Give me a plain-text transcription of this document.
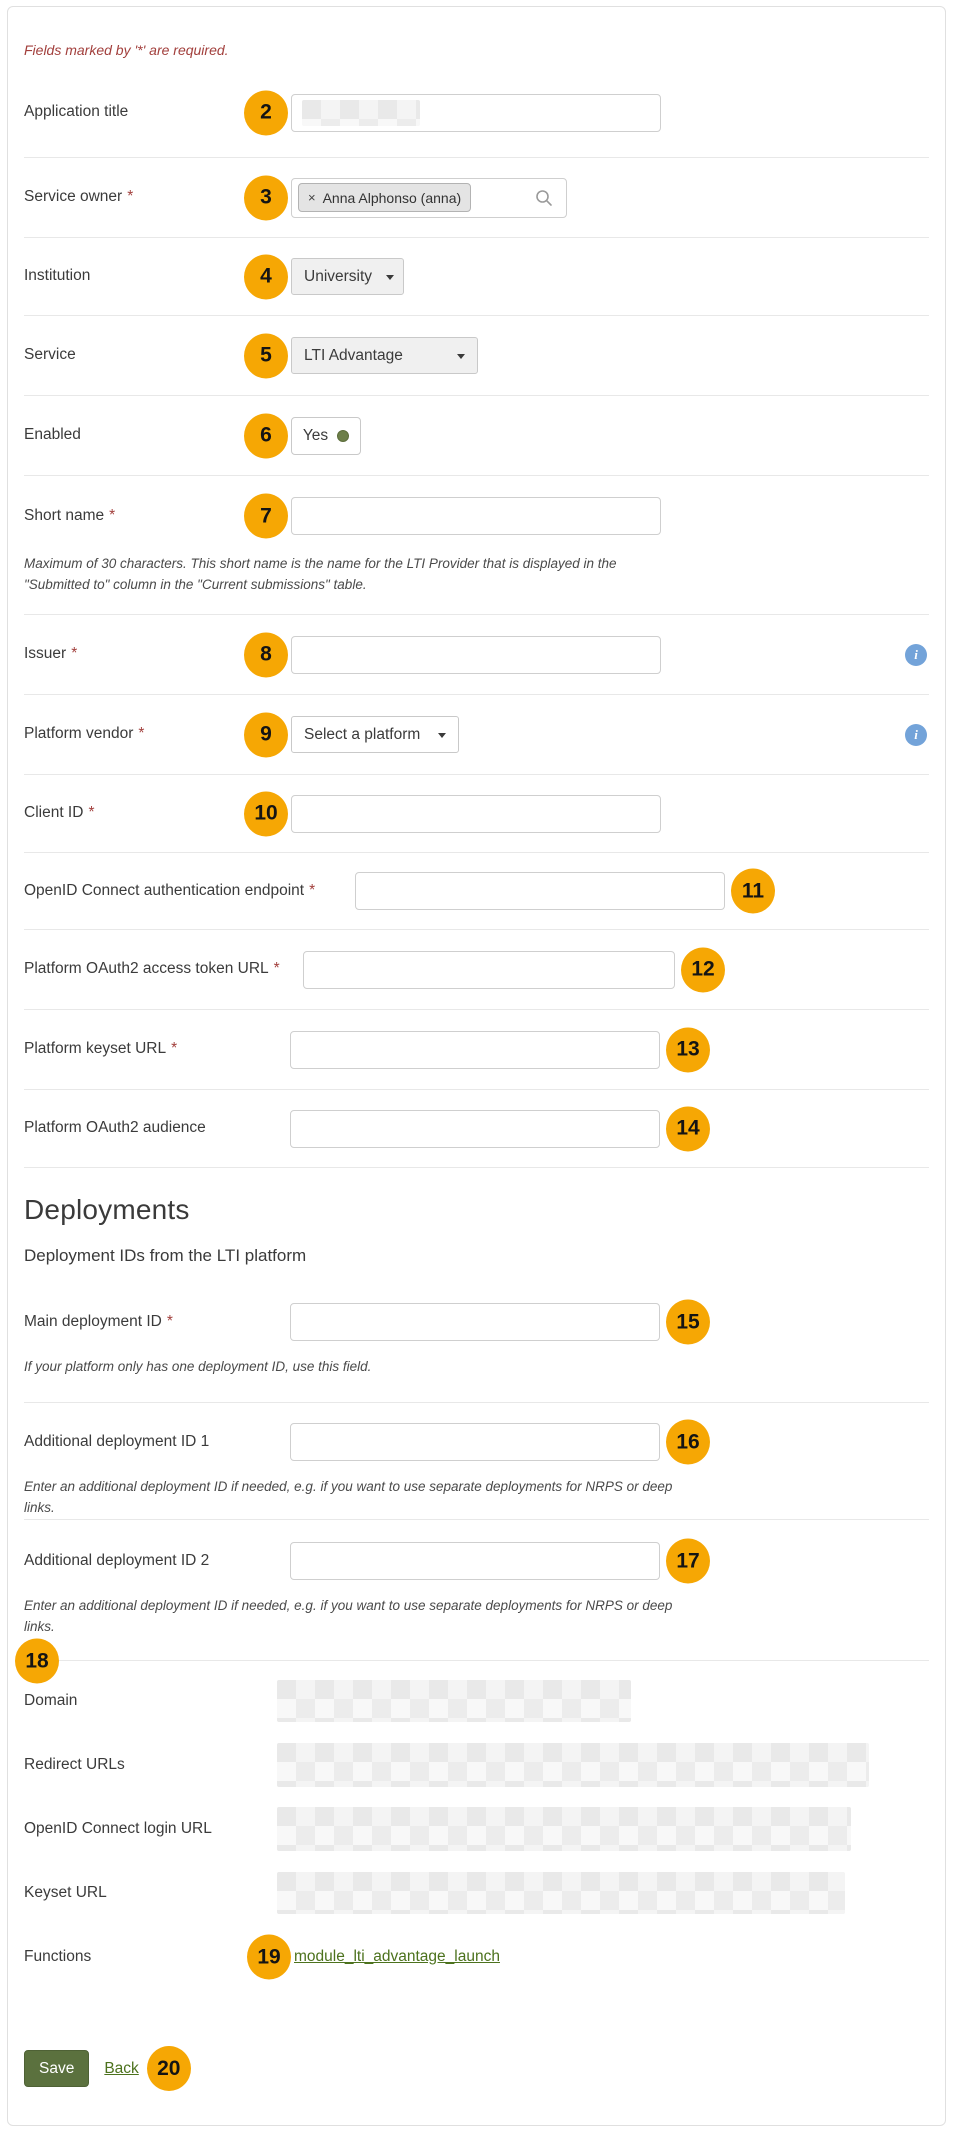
Fields marked by '*' are required.

Application title	2
Service owner *	3	× Anna Alphonso (anna)
Institution	4	University
Service	5	LTI Advantage
Enabled	6	Yes
Short name *	7

Maximum of 30 characters. This short name is the name for the LTI Provider that is displayed in the "Submitted to" column in the "Current submissions" table.

Issuer *	8	i
Platform vendor *	9	Select a platform	i
Client ID *	10
OpenID Connect authentication endpoint *	11
Platform OAuth2 access token URL *	12
Platform keyset URL *	13
Platform OAuth2 audience	14
Deployments

Deployment IDs from the LTI platform

Main deployment ID *	15

If your platform only has one deployment ID, use this field.

Additional deployment ID 1	16

Enter an additional deployment ID if needed, e.g. if you want to use separate deployments for NRPS or deep links.

Additional deployment ID 2	17

Enter an additional deployment ID if needed, e.g. if you want to use separate deployments for NRPS or deep links.

18
Domain
Redirect URLs
OpenID Connect login URL
Keyset URL
Functions	19 module_lti_advantage_launch
Save	Back 20
